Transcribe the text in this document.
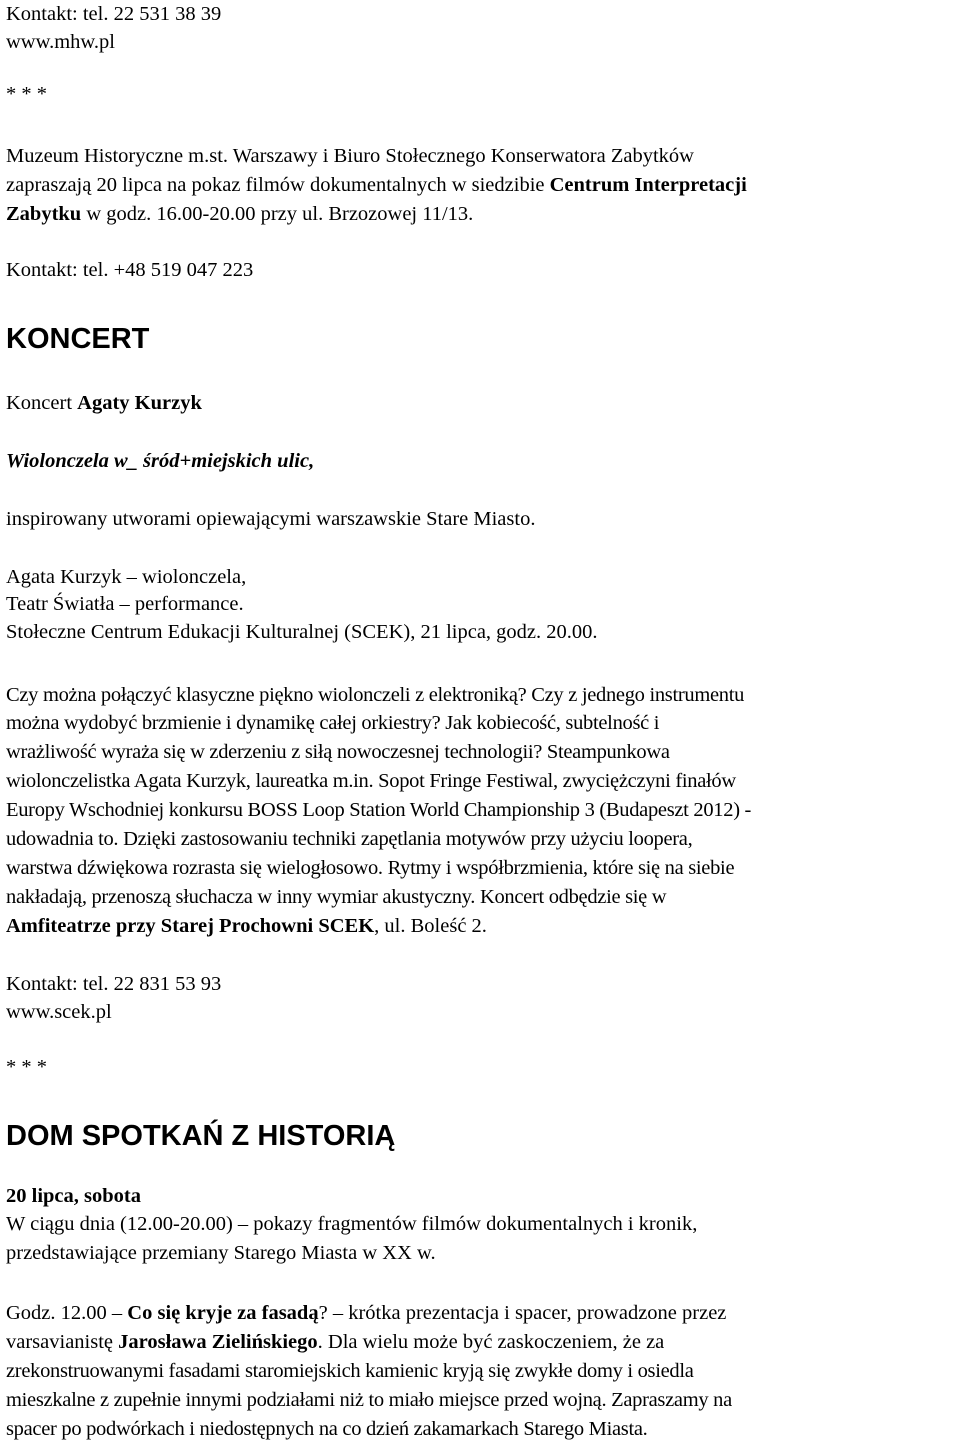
Kontakt: tel. 22 531 38 39
www.mhw.pl
* * *
Muzeum Historyczne m.st. Warszawy i Biuro Stołecznego Konserwatora Zabytków
zapraszają 20 lipca na pokaz filmów dokumentalnych w siedzibie Centrum Interpretacji
Zabytku w godz. 16.00-20.00 przy ul. Brzozowej 11/13.
Kontakt: tel. +48 519 047 223
KONCERT
Koncert Agaty Kurzyk
Wiolonczela w_ śród+miejskich ulic,
inspirowany utworami opiewającymi warszawskie Stare Miasto.
Agata Kurzyk – wiolonczela,
Teatr Światła – performance.
Stołeczne Centrum Edukacji Kulturalnej (SCEK), 21 lipca, godz. 20.00.
Czy można połączyć klasyczne piękno wiolonczeli z elektroniką? Czy z jednego instrumentu
można wydobyć brzmienie i dynamikę całej orkiestry? Jak kobiecość, subtelność i
wrażliwość wyraża się w zderzeniu z siłą nowoczesnej technologii? Steampunkowa
wiolonczelistka Agata Kurzyk, laureatka m.in. Sopot Fringe Festiwal, zwyciężczyni finałów
Europy Wschodniej konkursu BOSS Loop Station World Championship 3 (Budapeszt 2012) -
udowadnia to. Dzięki zastosowaniu techniki zapętlania motywów przy użyciu loopera,
warstwa dźwiękowa rozrasta się wielogłosowo. Rytmy i współbrzmienia, które się na siebie
nakładają, przenoszą słuchacza w inny wymiar akustyczny. Koncert odbędzie się w
Amfiteatrze przy Starej Prochowni SCEK, ul. Boleść 2.
Kontakt: tel. 22 831 53 93
www.scek.pl
* * *
DOM SPOTKAŃ Z HISTORIĄ
20 lipca, sobota
W ciągu dnia (12.00-20.00) – pokazy fragmentów filmów dokumentalnych i kronik,
przedstawiające przemiany Starego Miasta w XX w.
Godz. 12.00 – Co się kryje za fasadą? – krótka prezentacja i spacer, prowadzone przez
varsavianistę Jarosława Zielińskiego. Dla wielu może być zaskoczeniem, że za
zrekonstruowanymi fasadami staromiejskich kamienic kryją się zwykłe domy i osiedla
mieszkalne z zupełnie innymi podziałami niż to miało miejsce przed wojną. Zapraszamy na
spacer po podwórkach i niedostępnych na co dzień zakamarkach Starego Miasta.
